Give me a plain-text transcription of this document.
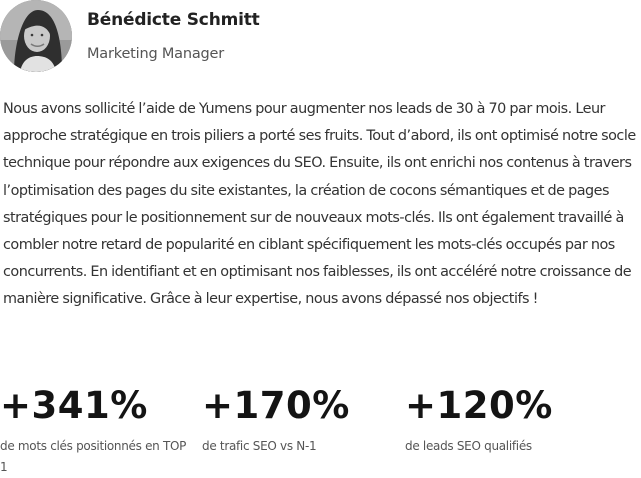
Bénédicte Schmitt
Marketing Manager

Nous avons sollicité l’aide de Yumens pour augmenter nos leads de 30 à 70 par mois. Leur approche stratégique en trois piliers a porté ses fruits. Tout d’abord, ils ont optimisé notre socle technique pour répondre aux exigences du SEO. Ensuite, ils ont enrichi nos contenus à travers l’optimisation des pages du site existantes, la création de cocons sémantiques et de pages stratégiques pour le positionnement sur de nouveaux mots-clés. Ils ont également travaillé à combler notre retard de popularité en ciblant spécifiquement les mots-clés occupés par nos concurrents. En identifiant et en optimisant nos faiblesses, ils ont accéléré notre croissance de manière significative. Grâce à leur expertise, nous avons dépassé nos objectifs !

+341%
de mots clés positionnés en TOP 1
+170%
de trafic SEO vs N-1
+120%
de leads SEO qualifiés
